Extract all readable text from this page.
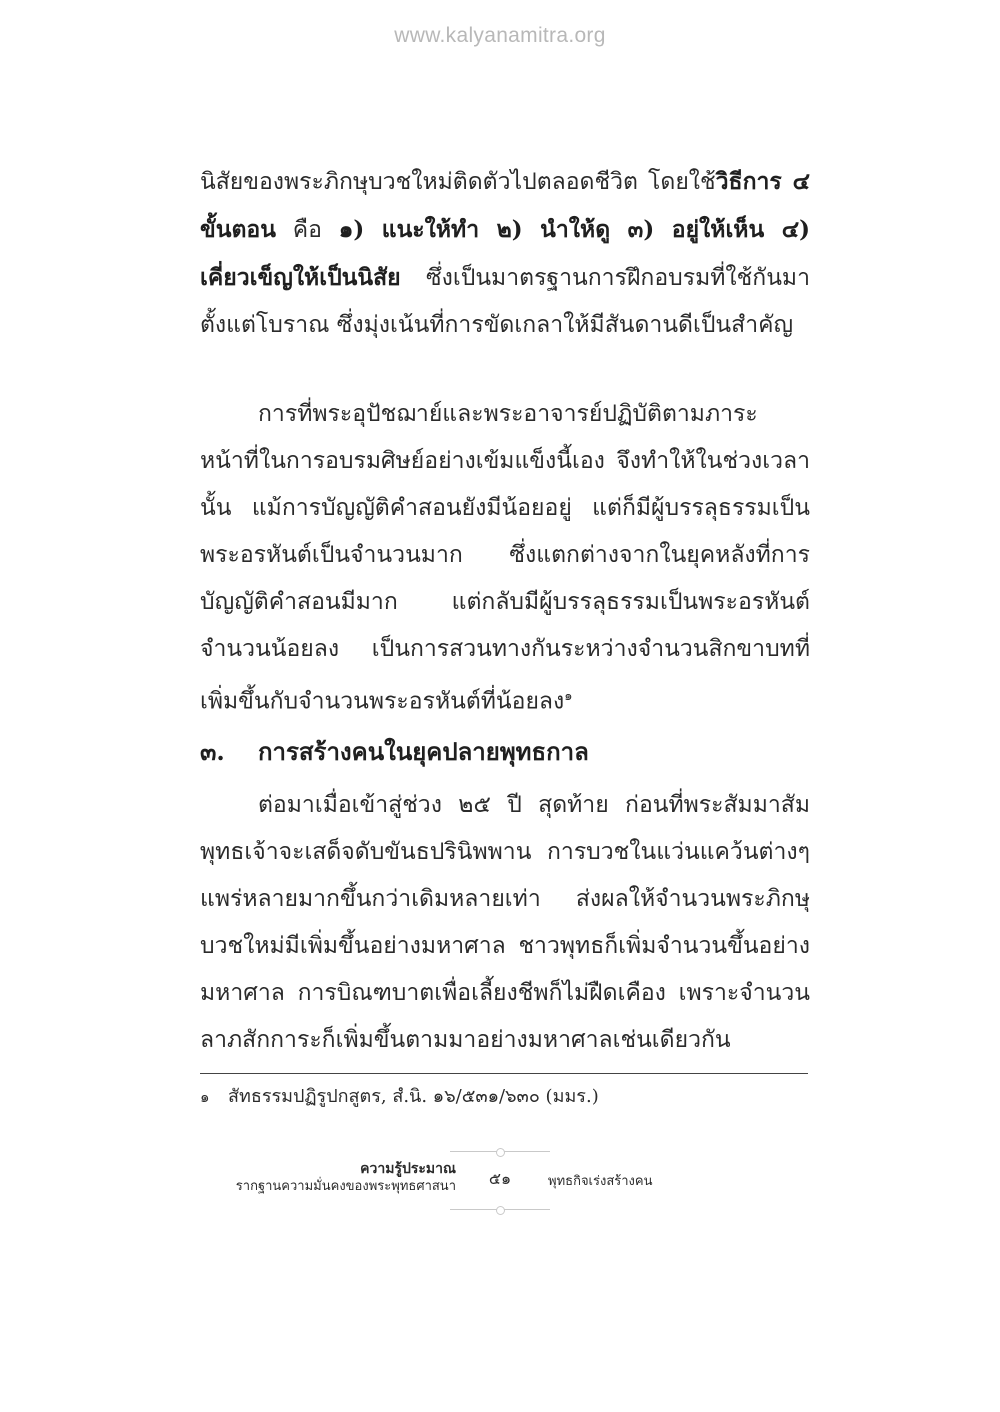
www.kalyanamitra.org

นิสัยของพระภิกษุบวชใหม่ติดตัวไปตลอดชีวิต โดยใช้วิธีการ ๔ ขั้นตอน คือ ๑) แนะให้ทำ ๒) นำให้ดู ๓) อยู่ให้เห็น ๔) เคี่ยวเข็ญให้เป็นนิสัย ซึ่งเป็นมาตรฐานการฝึกอบรมที่ใช้กันมาตั้งแต่โบราณ ซึ่งมุ่งเน้นที่การขัดเกลาให้มีสันดานดีเป็นสำคัญ

การที่พระอุปัชฌาย์และพระอาจารย์ปฏิบัติตามภาระหน้าที่ในการอบรมศิษย์อย่างเข้มแข็งนี้เอง จึงทำให้ในช่วงเวลานั้น แม้การบัญญัติคำสอนยังมีน้อยอยู่ แต่ก็มีผู้บรรลุธรรมเป็นพระอรหันต์เป็นจำนวนมาก ซึ่งแตกต่างจากในยุคหลังที่การบัญญัติคำสอนมีมาก แต่กลับมีผู้บรรลุธรรมเป็นพระอรหันต์จำนวนน้อยลง เป็นการสวนทางกันระหว่างจำนวนสิกขาบทที่เพิ่มขึ้นกับจำนวนพระอรหันต์ที่น้อยลง$^๑$

๓. การสร้างคนในยุคปลายพุทธกาล

ต่อมาเมื่อเข้าสู่ช่วง ๒๕ ปี สุดท้าย ก่อนที่พระสัมมาสัมพุทธเจ้าจะเสด็จดับขันธปรินิพพาน การบวชในแว่นแคว้นต่างๆ แพร่หลายมากขึ้นกว่าเดิมหลายเท่า ส่งผลให้จำนวนพระภิกษุบวชใหม่มีเพิ่มขึ้นอย่างมหาศาล ชาวพุทธก็เพิ่มจำนวนขึ้นอย่างมหาศาล การบิณฑบาตเพื่อเลี้ยงชีพก็ไม่ฝืดเคือง เพราะจำนวนลาภสักการะก็เพิ่มขึ้นตามมาอย่างมหาศาลเช่นเดียวกัน

๑ สัทธรรมปฏิรูปกสูตร, สํ.นิ. ๑๖/๕๓๑/๖๓๐ (มมร.)
ความรู้ประมาณ
รากฐานความมั่นคงของพระพุทธศาสนา	๕๑	พุทธกิจเร่งสร้างคน
